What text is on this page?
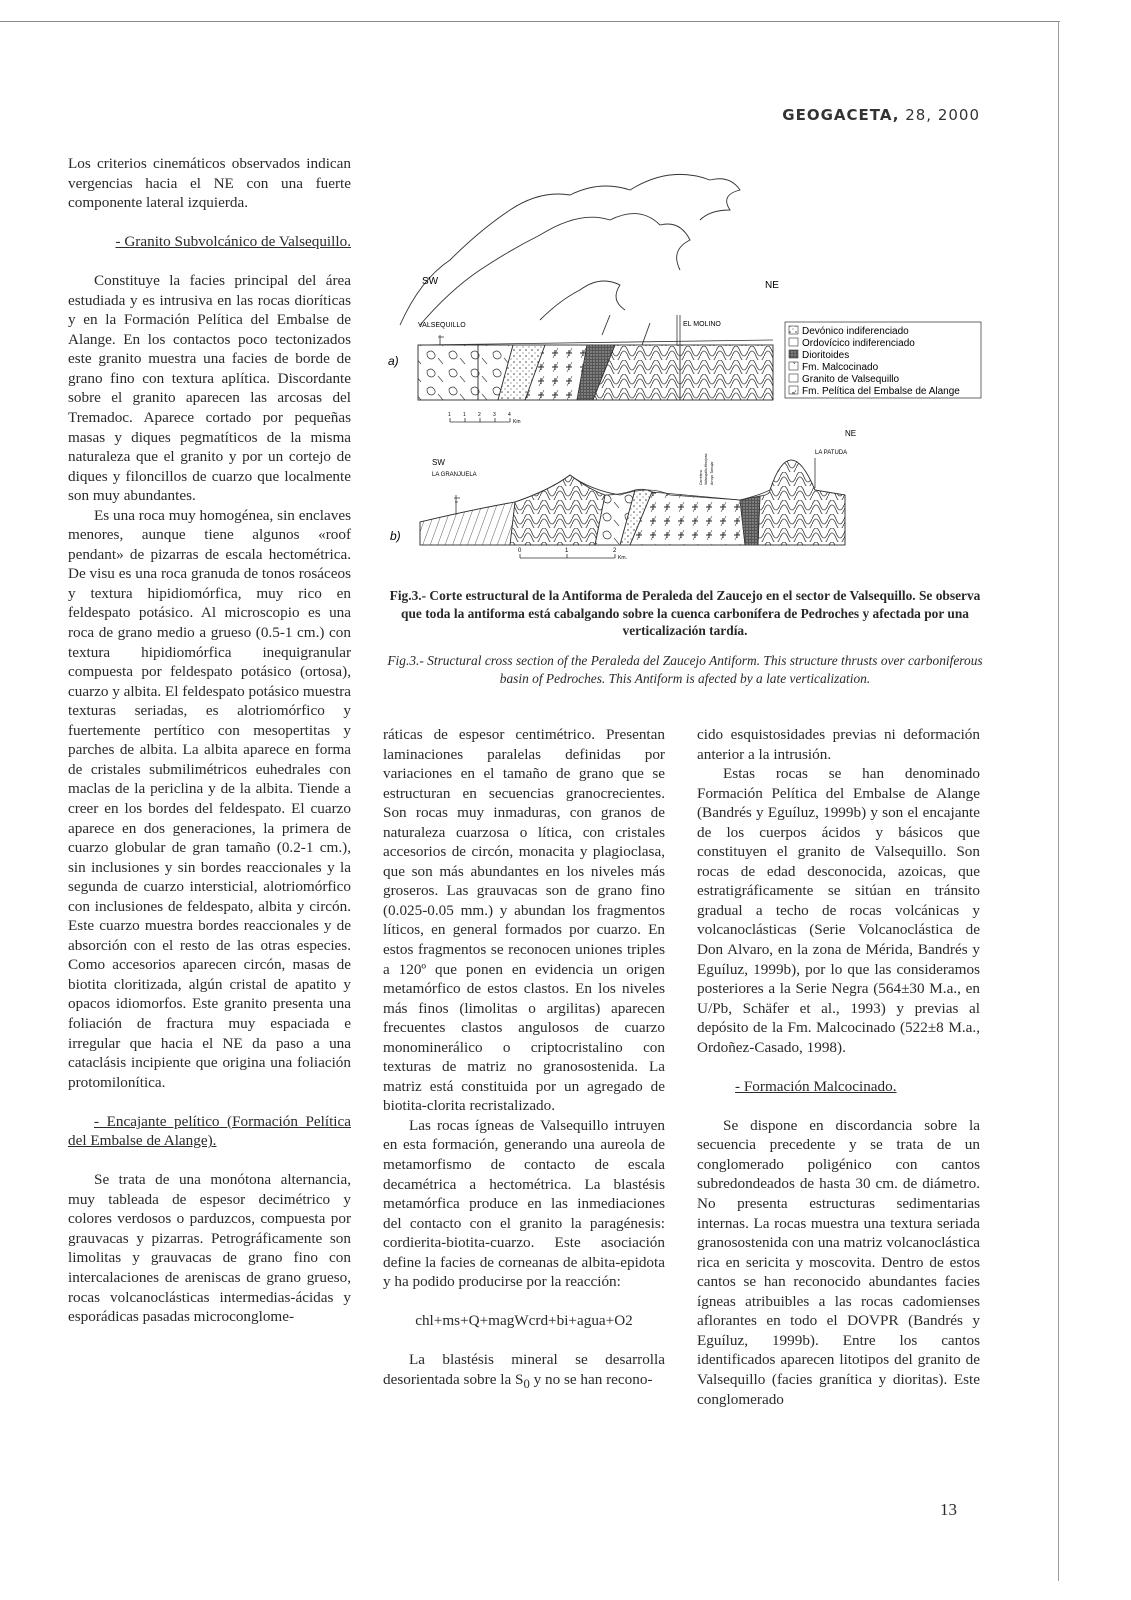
GEOGACETA, 28, 2000

Los criterios cinemáticos observados indican vergencias hacia el NE con una fuerte componente lateral izquierda.

- Granito Subvolcánico de Valsequillo.

Constituye la facies principal del área estudiada y es intrusiva en las rocas dioríticas y en la Formación Pelítica del Embalse de Alange. En los contactos poco tectonizados este granito muestra una facies de borde de grano fino con textura aplítica. Discordante sobre el granito aparecen las arcosas del Tremadoc. Aparece cortado por pequeñas masas y diques pegmatíticos de la misma naturaleza que el granito y por un cortejo de diques y filoncillos de cuarzo que localmente son muy abundantes.

Es una roca muy homogénea, sin enclaves menores, aunque tiene algunos «roof pendant» de pizarras de escala hectométrica. De visu es una roca granuda de tonos rosáceos y textura hipidiomórfica, muy rico en feldespato potásico. Al microscopio es una roca de grano medio a grueso (0.5-1 cm.) con textura hipidiomórfica inequigranular compuesta por feldespato potásico (ortosa), cuarzo y albita. El feldespato potásico muestra texturas seriadas, es alotriomórfico y fuertemente pertítico con mesopertitas y parches de albita. La albita aparece en forma de cristales submilimétricos euhedrales con maclas de la periclina y de la albita. Tiende a creer en los bordes del feldespato. El cuarzo aparece en dos generaciones, la primera de cuarzo globular de gran tamaño (0.2-1 cm.), sin inclusiones y sin bordes reaccionales y la segunda de cuarzo intersticial, alotriomórfico con inclusiones de feldespato, albita y circón. Este cuarzo muestra bordes reaccionales y de absorción con el resto de las otras especies. Como accesorios aparecen circón, masas de biotita cloritizada, algún cristal de apatito y opacos idiomorfos. Este granito presenta una foliación de fractura muy espaciada e irregular que hacia el NE da paso a una cataclásis incipiente que origina una foliación protomilonítica.

- Encajante pelítico (Formación Pelítica del Embalse de Alange).

Se trata de una monótona alternancia, muy tableada de espesor decimétrico y colores verdosos o parduzcos, compuesta por grauvacas y pizarras. Petrográficamente son limolitas y grauvacas de grano fino con intercalaciones de areniscas de grano grueso, rocas volcanoclásticas intermedias-ácidas y esporádicas pasadas microconglome-

SW	NE
VALSEQUILLO	EL MOLINO
a)
1 1 2 3 4
Km
Devónico indiferenciado
Ordovícico indiferenciado
Dioritoides
Fm. Malcocinado
Granito de Valsequillo
Fm. Pelítica del Embalse de Alange
NE
LA PATUDA
SW
LA GRANJUELA	Carretera Valsequillo-Hinojosa Arroyo Tamujar
b)
0	1	2
Km.
Fig.3.- Corte estructural de la Antiforma de Peraleda del Zaucejo en el sector de Valsequillo. Se observa que toda la antiforma está cabalgando sobre la cuenca carbonífera de Pedroches y afectada por una verticalización tardía.
Fig.3.- Structural cross section of the Peraleda del Zaucejo Antiform. This structure thrusts over carboniferous basin of Pedroches. This Antiform is afected by a late verticalization.

ráticas de espesor centimétrico. Presentan laminaciones paralelas definidas por variaciones en el tamaño de grano que se estructuran en secuencias granocrecientes. Son rocas muy inmaduras, con granos de naturaleza cuarzosa o lítica, con cristales accesorios de circón, monacita y plagioclasa, que son más abundantes en los niveles más groseros. Las grauvacas son de grano fino (0.025-0.05 mm.) y abundan los fragmentos líticos, en general formados por cuarzo. En estos fragmentos se reconocen uniones triples a 120º que ponen en evidencia un origen metamórfico de estos clastos. En los niveles más finos (limolitas o argilitas) aparecen frecuentes clastos angulosos de cuarzo monominerálico o criptocristalino con texturas de matriz no granosostenida. La matriz está constituida por un agregado de biotita-clorita recristalizado.

Las rocas ígneas de Valsequillo intruyen en esta formación, generando una aureola de metamorfismo de contacto de escala decamétrica a hectométrica. La blastésis metamórfica produce en las inmediaciones del contacto con el granito la paragénesis: cordierita-biotita-cuarzo. Este asociación define la facies de corneanas de albita-epidota y ha podido producirse por la reacción:

chl+ms+Q+magWcrd+bi+agua+O2

La blastésis mineral se desarrolla desorientada sobre la $S_0$ y no se han recono-

cido esquistosidades previas ni deformación anterior a la intrusión.

Estas rocas se han denominado Formación Pelítica del Embalse de Alange (Bandrés y Eguíluz, 1999b) y son el encajante de los cuerpos ácidos y básicos que constituyen el granito de Valsequillo. Son rocas de edad desconocida, azoicas, que estratigráficamente se sitúan en tránsito gradual a techo de rocas volcánicas y volcanoclásticas (Serie Volcanoclástica de Don Alvaro, en la zona de Mérida, Bandrés y Eguíluz, 1999b), por lo que las consideramos posteriores a la Serie Negra (564±30 M.a., en U/Pb, Schäfer et al., 1993) y previas al depósito de la Fm. Malcocinado (522±8 M.a., Ordoñez-Casado, 1998).

- Formación Malcocinado.

Se dispone en discordancia sobre la secuencia precedente y se trata de un conglomerado poligénico con cantos subredondeados de hasta 30 cm. de diámetro. No presenta estructuras sedimentarias internas. La rocas muestra una textura seriada granosostenida con una matriz volcanoclástica rica en sericita y moscovita. Dentro de estos cantos se han reconocido abundantes facies ígneas atribuibles a las rocas cadomienses aflorantes en todo el DOVPR (Bandrés y Eguíluz, 1999b). Entre los cantos identificados aparecen litotipos del granito de Valsequillo (facies granítica y dioritas). Este conglomerado

13
